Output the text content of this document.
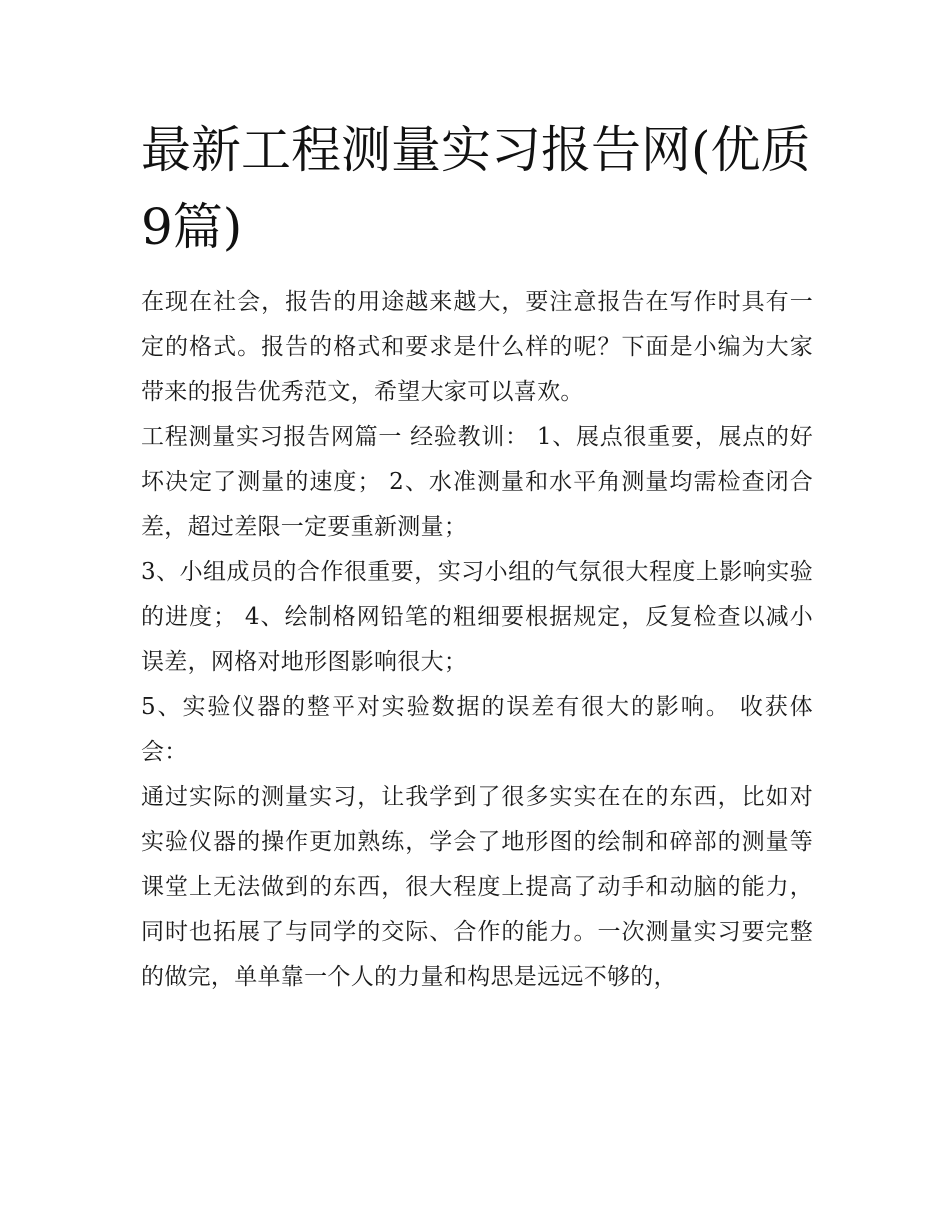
最新工程测量实习报告网(优质9篇)

在现在社会，报告的用途越来越大，要注意报告在写作时具有一定的格式。报告的格式和要求是什么样的呢？下面是小编为大家带来的报告优秀范文，希望大家可以喜欢。

工程测量实习报告网篇一 经验教训： 1、展点很重要，展点的好坏决定了测量的速度； 2、水准测量和水平角测量均需检查闭合差，超过差限一定要重新测量；

3、小组成员的合作很重要，实习小组的气氛很大程度上影响实验的进度； 4、绘制格网铅笔的粗细要根据规定，反复检查以减小误差，网格对地形图影响很大；

5、实验仪器的整平对实验数据的误差有很大的影响。 收获体会：

通过实际的测量实习，让我学到了很多实实在在的东西，比如对实验仪器的操作更加熟练，学会了地形图的绘制和碎部的测量等课堂上无法做到的东西，很大程度上提高了动手和动脑的能力，同时也拓展了与同学的交际、合作的能力。一次测量实习要完整的做完，单单靠一个人的力量和构思是远远不够的，
